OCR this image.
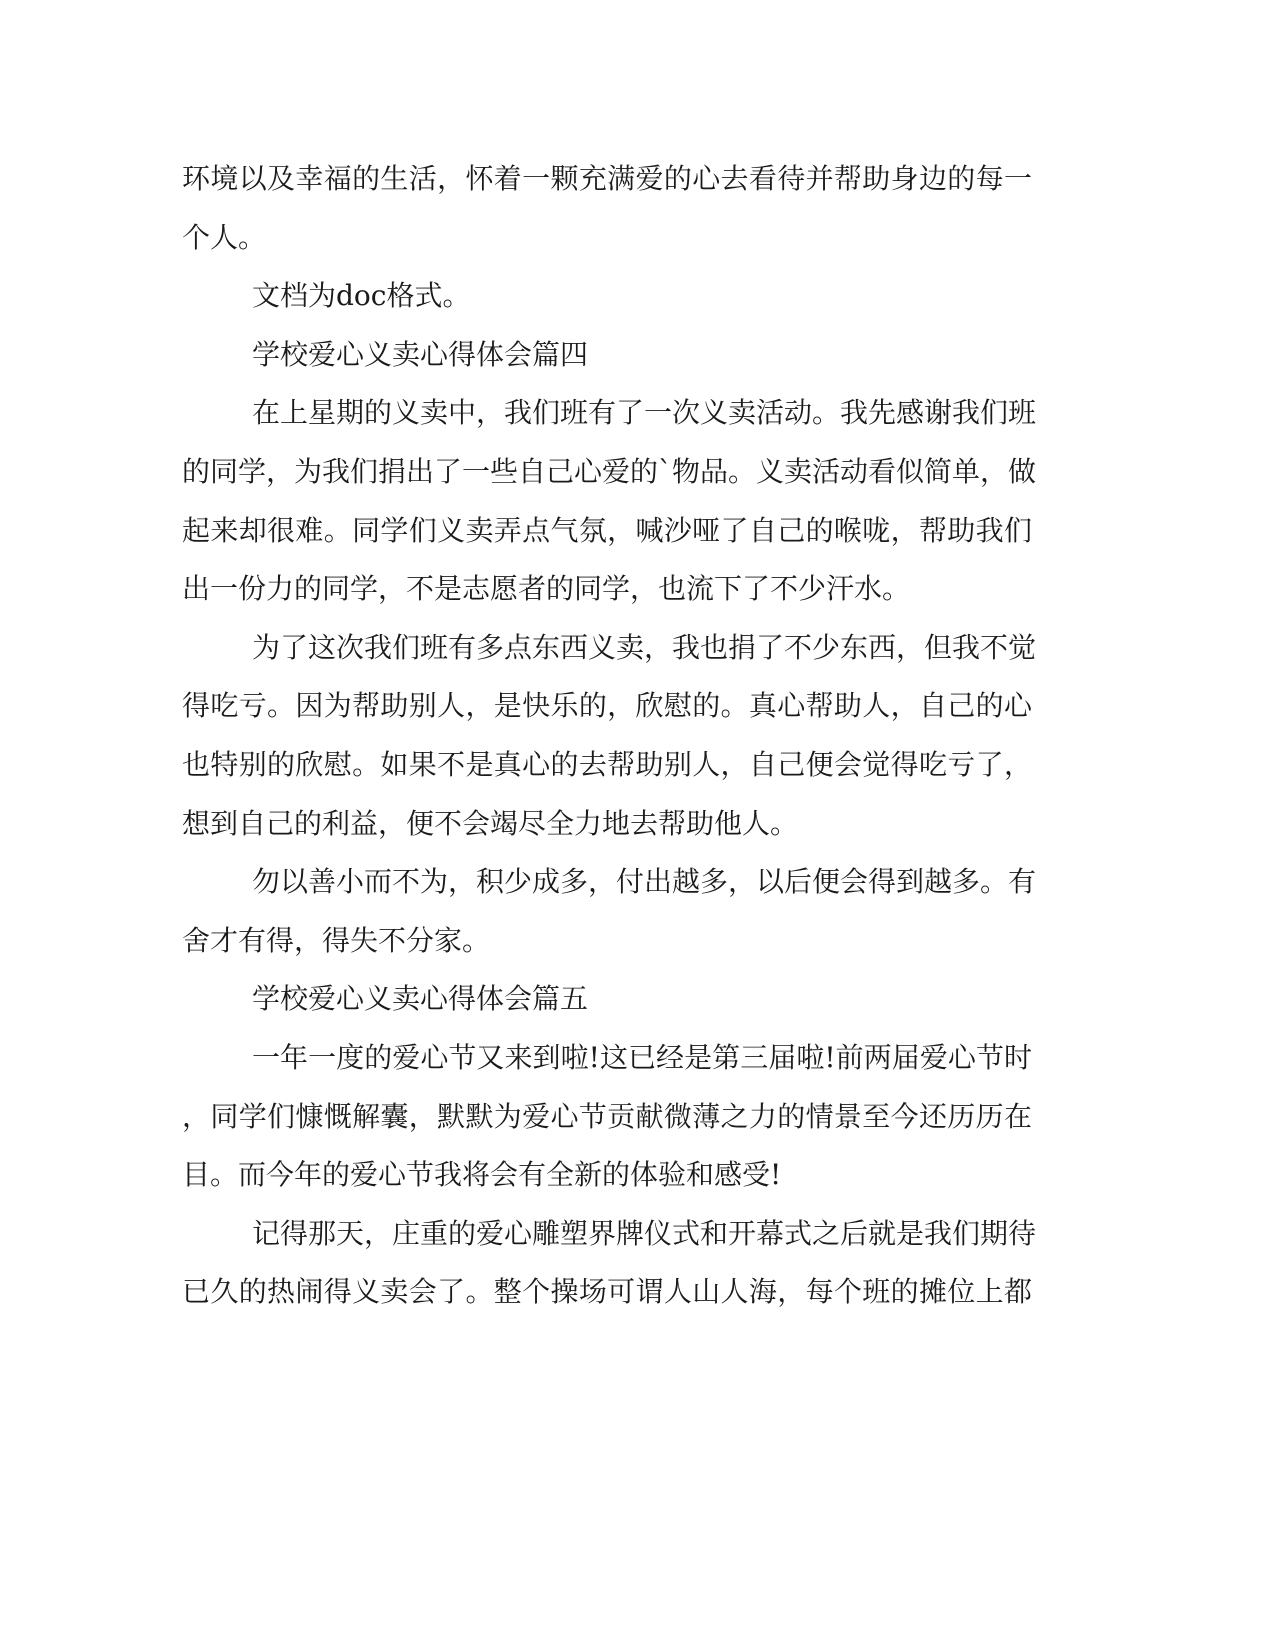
环境以及幸福的生活，怀着一颗充满爱的心去看待并帮助身边的每一
个人。
文档为doc格式。
学校爱心义卖心得体会篇四
在上星期的义卖中，我们班有了一次义卖活动。我先感谢我们班
的同学，为我们捐出了一些自己心爱的`物品。义卖活动看似简单，做
起来却很难。同学们义卖弄点气氛，喊沙哑了自己的喉咙，帮助我们
出一份力的同学，不是志愿者的同学，也流下了不少汗水。
为了这次我们班有多点东西义卖，我也捐了不少东西，但我不觉
得吃亏。因为帮助别人，是快乐的，欣慰的。真心帮助人，自己的心
也特别的欣慰。如果不是真心的去帮助别人，自己便会觉得吃亏了，
想到自己的利益，便不会竭尽全力地去帮助他人。
勿以善小而不为，积少成多，付出越多，以后便会得到越多。有
舍才有得，得失不分家。
学校爱心义卖心得体会篇五
一年一度的爱心节又来到啦!这已经是第三届啦!前两届爱心节时
，同学们慷慨解囊，默默为爱心节贡献微薄之力的情景至今还历历在
目。而今年的爱心节我将会有全新的体验和感受!
记得那天，庄重的爱心雕塑界牌仪式和开幕式之后就是我们期待
已久的热闹得义卖会了。整个操场可谓人山人海，每个班的摊位上都
